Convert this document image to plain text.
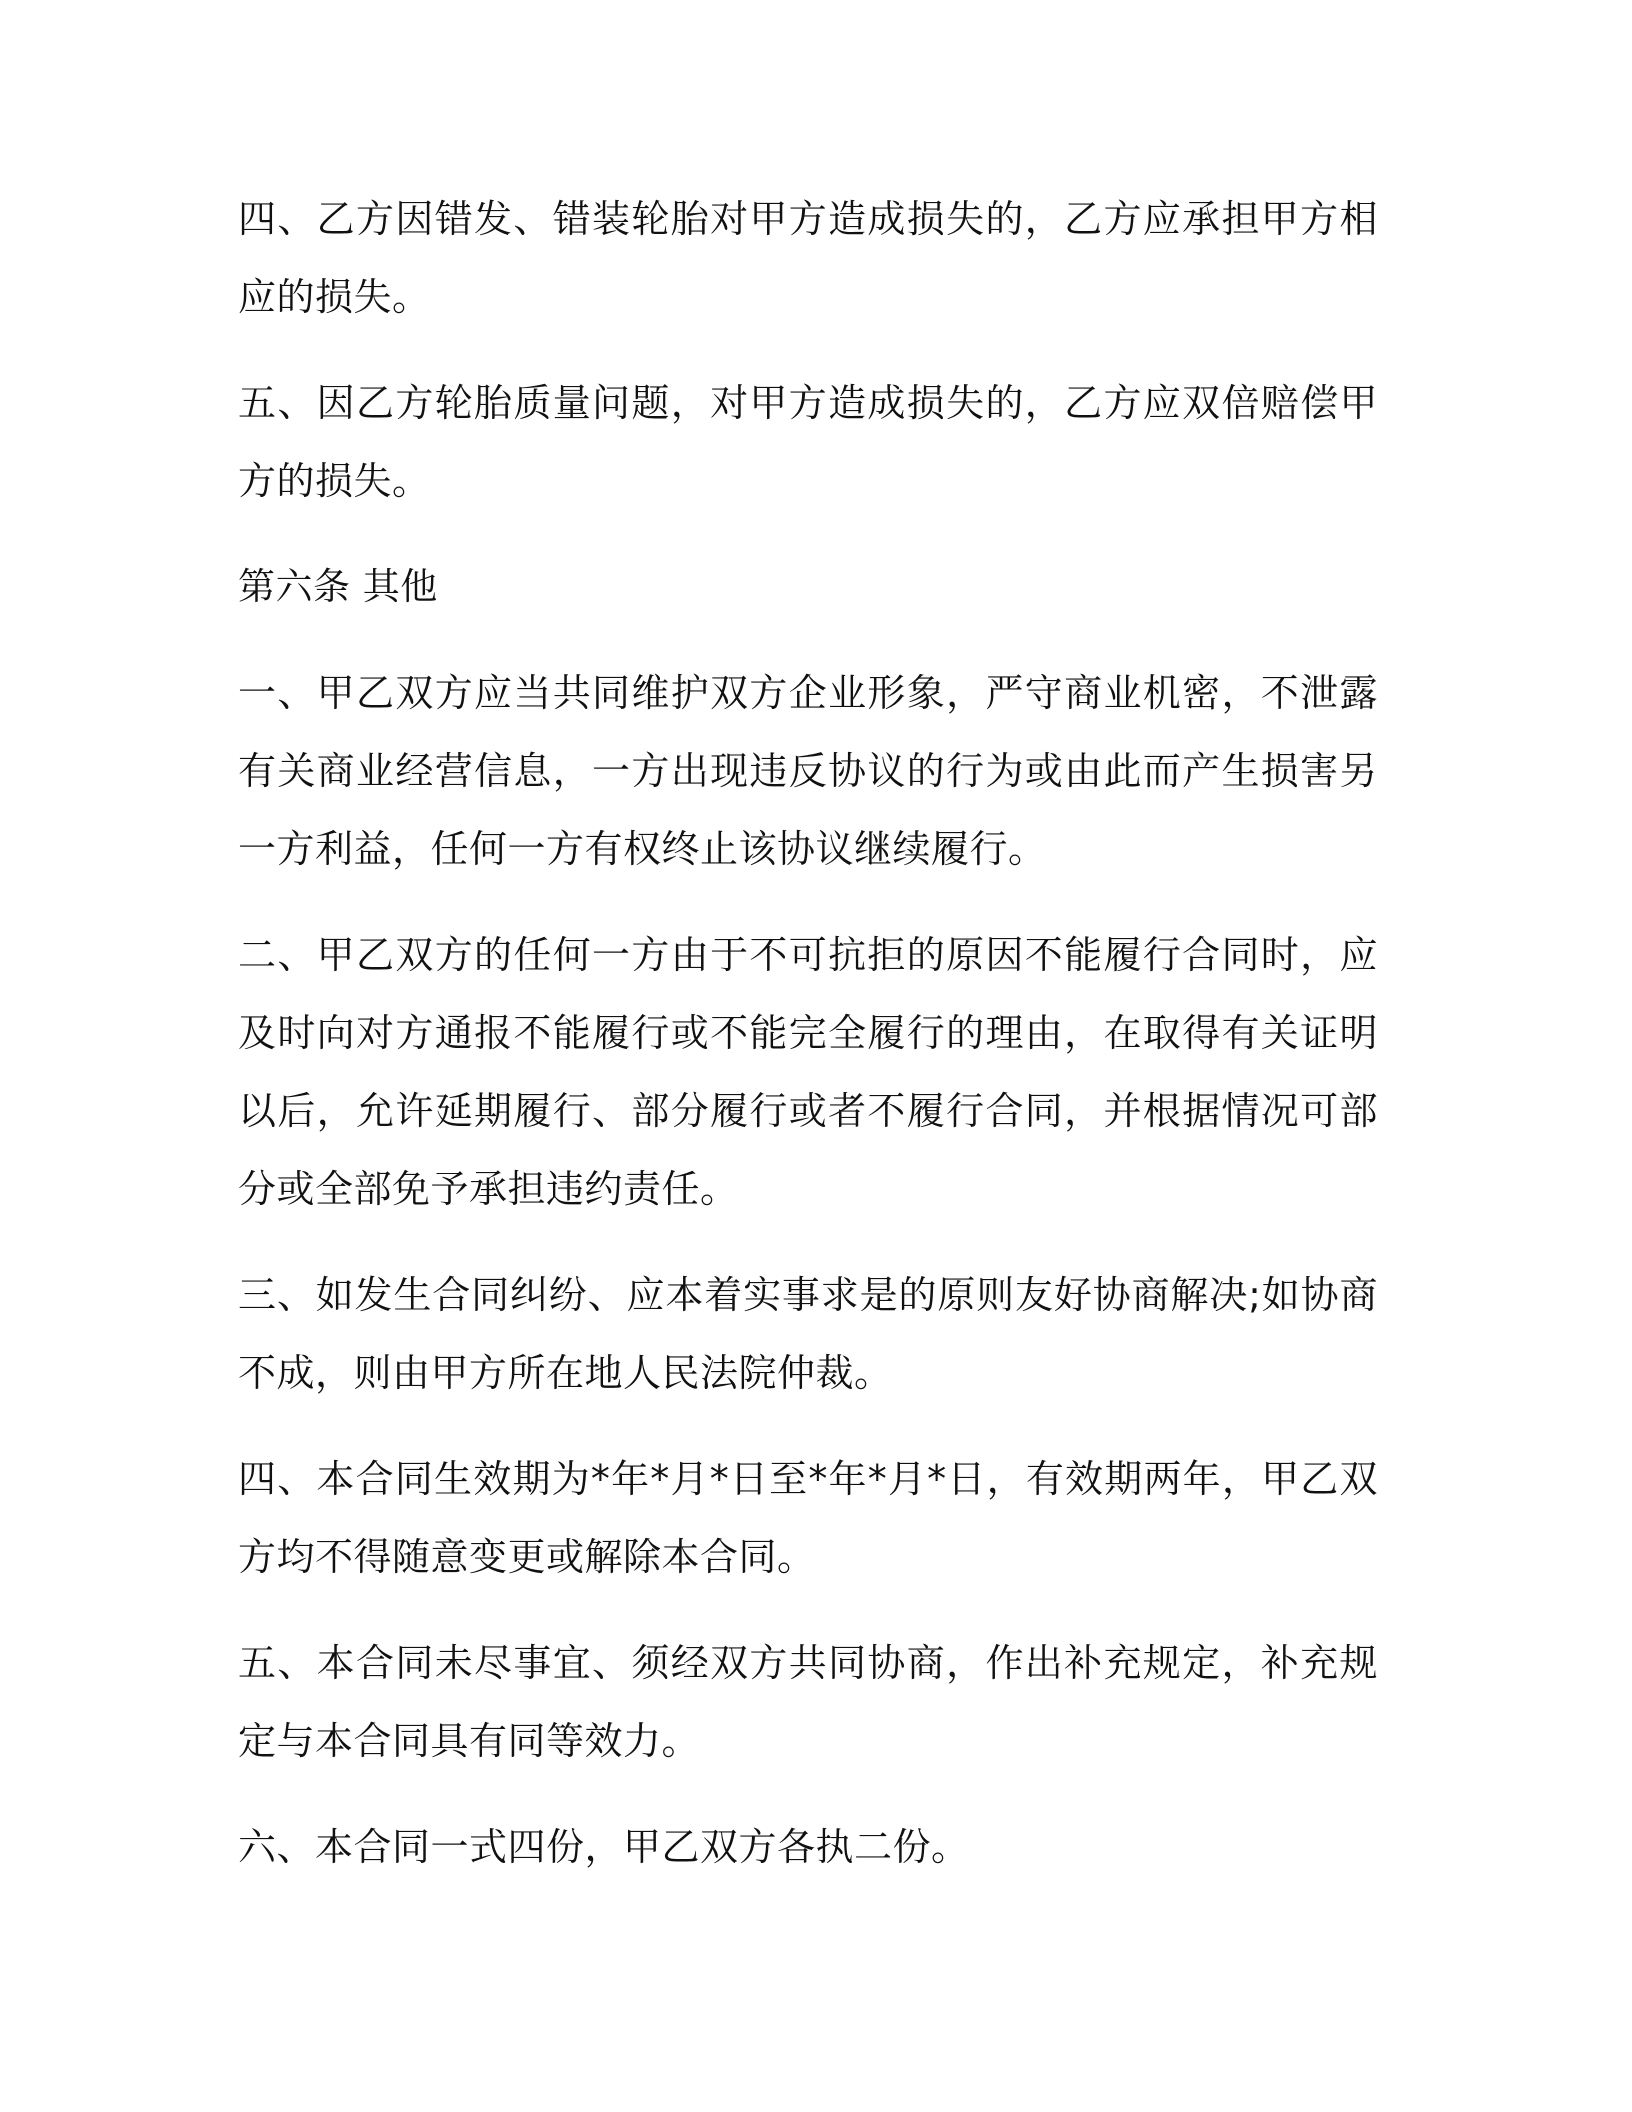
四、乙方因错发、错装轮胎对甲方造成损失的，乙方应承担甲方相应的损失。

五、因乙方轮胎质量问题，对甲方造成损失的，乙方应双倍赔偿甲方的损失。

第六条 其他

一、甲乙双方应当共同维护双方企业形象，严守商业机密，不泄露有关商业经营信息，一方出现违反协议的行为或由此而产生损害另一方利益，任何一方有权终止该协议继续履行。

二、甲乙双方的任何一方由于不可抗拒的原因不能履行合同时，应及时向对方通报不能履行或不能完全履行的理由，在取得有关证明以后，允许延期履行、部分履行或者不履行合同，并根据情况可部分或全部免予承担违约责任。

三、如发生合同纠纷、应本着实事求是的原则友好协商解决;如协商不成，则由甲方所在地人民法院仲裁。

四、本合同生效期为*年*月*日至*年*月*日，有效期两年，甲乙双方均不得随意变更或解除本合同。

五、本合同未尽事宜、须经双方共同协商，作出补充规定，补充规定与本合同具有同等效力。

六、本合同一式四份，甲乙双方各执二份。
